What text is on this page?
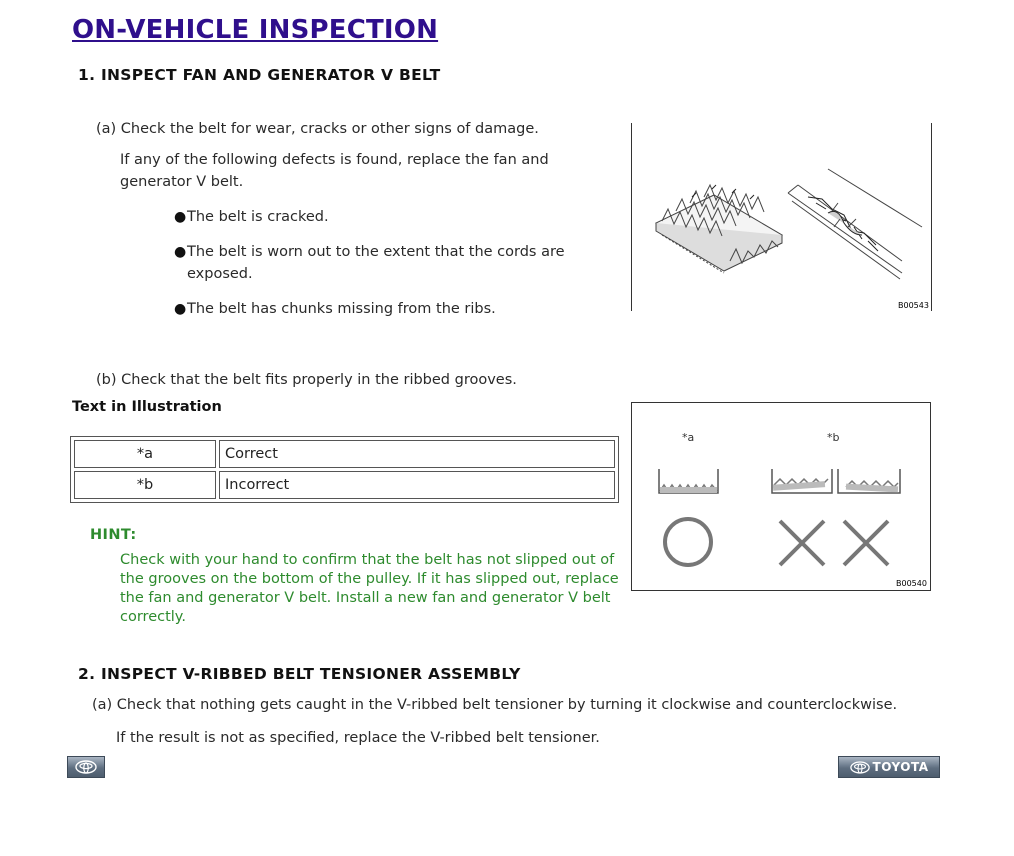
ON-VEHICLE INSPECTION
1. INSPECT FAN AND GENERATOR V BELT
(a) Check the belt for wear, cracks or other signs of damage.
If any of the following defects is found, replace the fan and generator V belt.
● The belt is cracked.
● The belt is worn out to the extent that the cords are exposed.
● The belt has chunks missing from the ribs.	B00543
(b) Check that the belt fits properly in the ribbed grooves.
Text in Illustration
*a	Correct
*b	Incorrect
*a	*b
B00540
HINT:
Check with your hand to confirm that the belt has not slipped out of the grooves on the bottom of the pulley. If it has slipped out, replace the fan and generator V belt. Install a new fan and generator V belt correctly.
2. INSPECT V-RIBBED BELT TENSIONER ASSEMBLY
(a) Check that nothing gets caught in the V-ribbed belt tensioner by turning it clockwise and counterclockwise.
If the result is not as specified, replace the V-ribbed belt tensioner.
TOYOTA
